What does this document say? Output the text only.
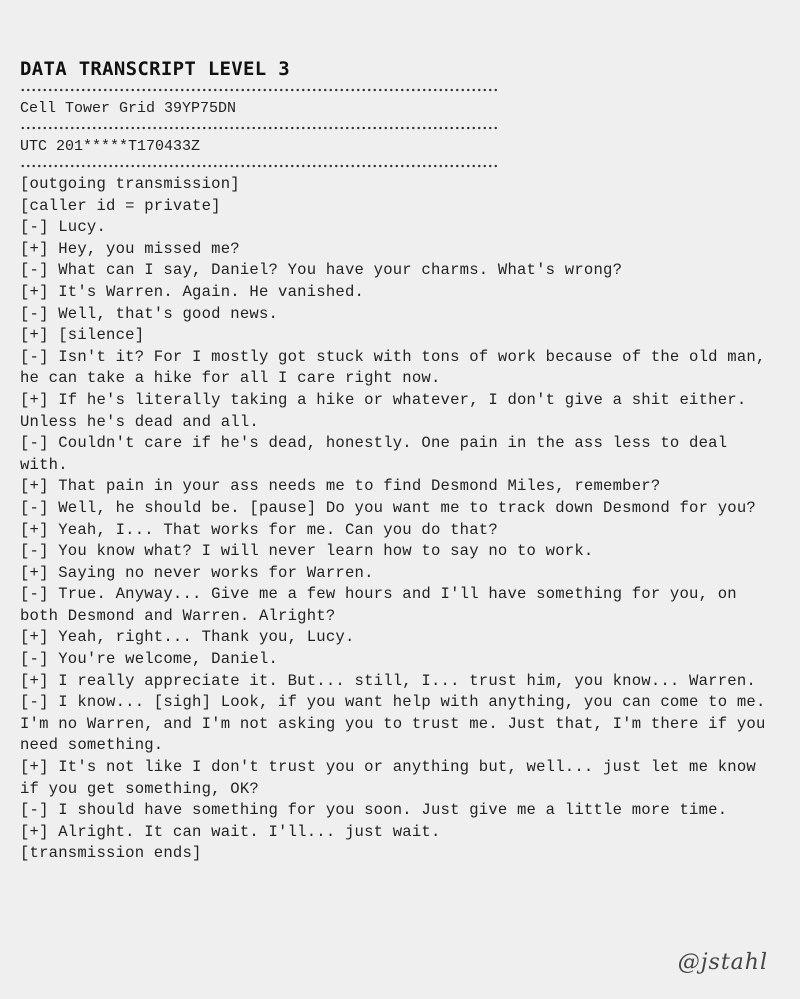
DATA TRANSCRIPT LEVEL 3

Cell Tower Grid 39YP75DN

UTC 201*****T170433Z

[outgoing transmission]
[caller id = private]
[-] Lucy.
[+] Hey, you missed me?
[-] What can I say, Daniel? You have your charms. What's wrong?
[+] It's Warren. Again. He vanished.
[-] Well, that's good news.
[+] [silence]
[-] Isn't it? For I mostly got stuck with tons of work because of the old man, he can take a hike for all I care right now.
[+] If he's literally taking a hike or whatever, I don't give a shit either. Unless he's dead and all.
[-] Couldn't care if he's dead, honestly. One pain in the ass less to deal with.
[+] That pain in your ass needs me to find Desmond Miles, remember?
[-] Well, he should be. [pause] Do you want me to track down Desmond for you?
[+] Yeah, I... That works for me. Can you do that?
[-] You know what? I will never learn how to say no to work.
[+] Saying no never works for Warren.
[-] True. Anyway... Give me a few hours and I'll have something for you, on both Desmond and Warren. Alright?
[+] Yeah, right... Thank you, Lucy.
[-] You're welcome, Daniel.
[+] I really appreciate it. But... still, I... trust him, you know... Warren.
[-] I know... [sigh] Look, if you want help with anything, you can come to me. I'm no Warren, and I'm not asking you to trust me. Just that, I'm there if you need something.
[+] It's not like I don't trust you or anything but, well... just let me know if you get something, OK?
[-] I should have something for you soon. Just give me a little more time.
[+] Alright. It can wait. I'll... just wait.
[transmission ends]
@jstahl
